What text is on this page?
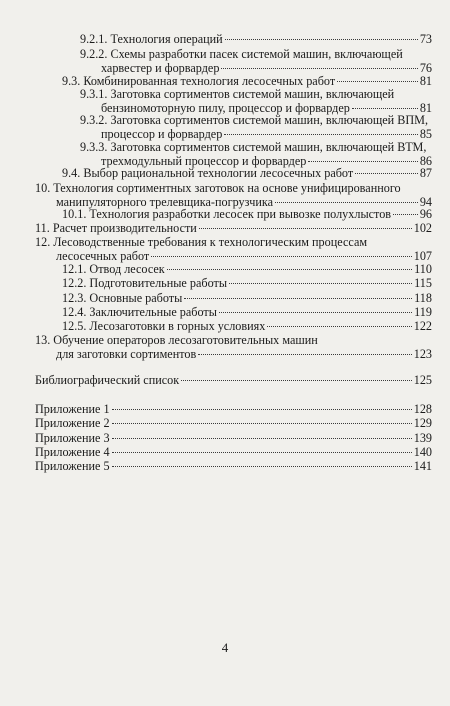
9.2.1. Технология операций	73
9.2.2. Схемы разработки пасек системой машин, включающей
харвестер и форвардер	76
9.3. Комбинированная технология лесосечных работ	81
9.3.1. Заготовка сортиментов системой машин, включающей
бензиномоторную пилу, процессор и форвардер	81
9.3.2. Заготовка сортиментов системой машин, включающей ВПМ,
процессор и форвардер	85
9.3.3. Заготовка сортиментов системой машин, включающей ВТМ,
трехмодульный процессор и форвардер	86
9.4. Выбор рациональной технологии лесосечных работ	87
10. Технология сортиментных заготовок на основе унифицированного
манипуляторного трелевщика-погрузчика	94
10.1. Технология разработки лесосек при вывозке полухлыстов 96
11. Расчет производительности	102
12. Лесоводственные требования к технологическим процессам
лесосечных работ	107
12.1. Отвод лесосек	110
12.2. Подготовительные работы	115
12.3. Основные работы	118
12.4. Заключительные работы	119
12.5. Лесозаготовки в горных условиях	122
13. Обучение операторов лесозаготовительных машин
для заготовки сортиментов	123
Библиографический список	125
Приложение 1	128
Приложение 2	129
Приложение 3	139
Приложение 4	140
Приложение 5	141
4
